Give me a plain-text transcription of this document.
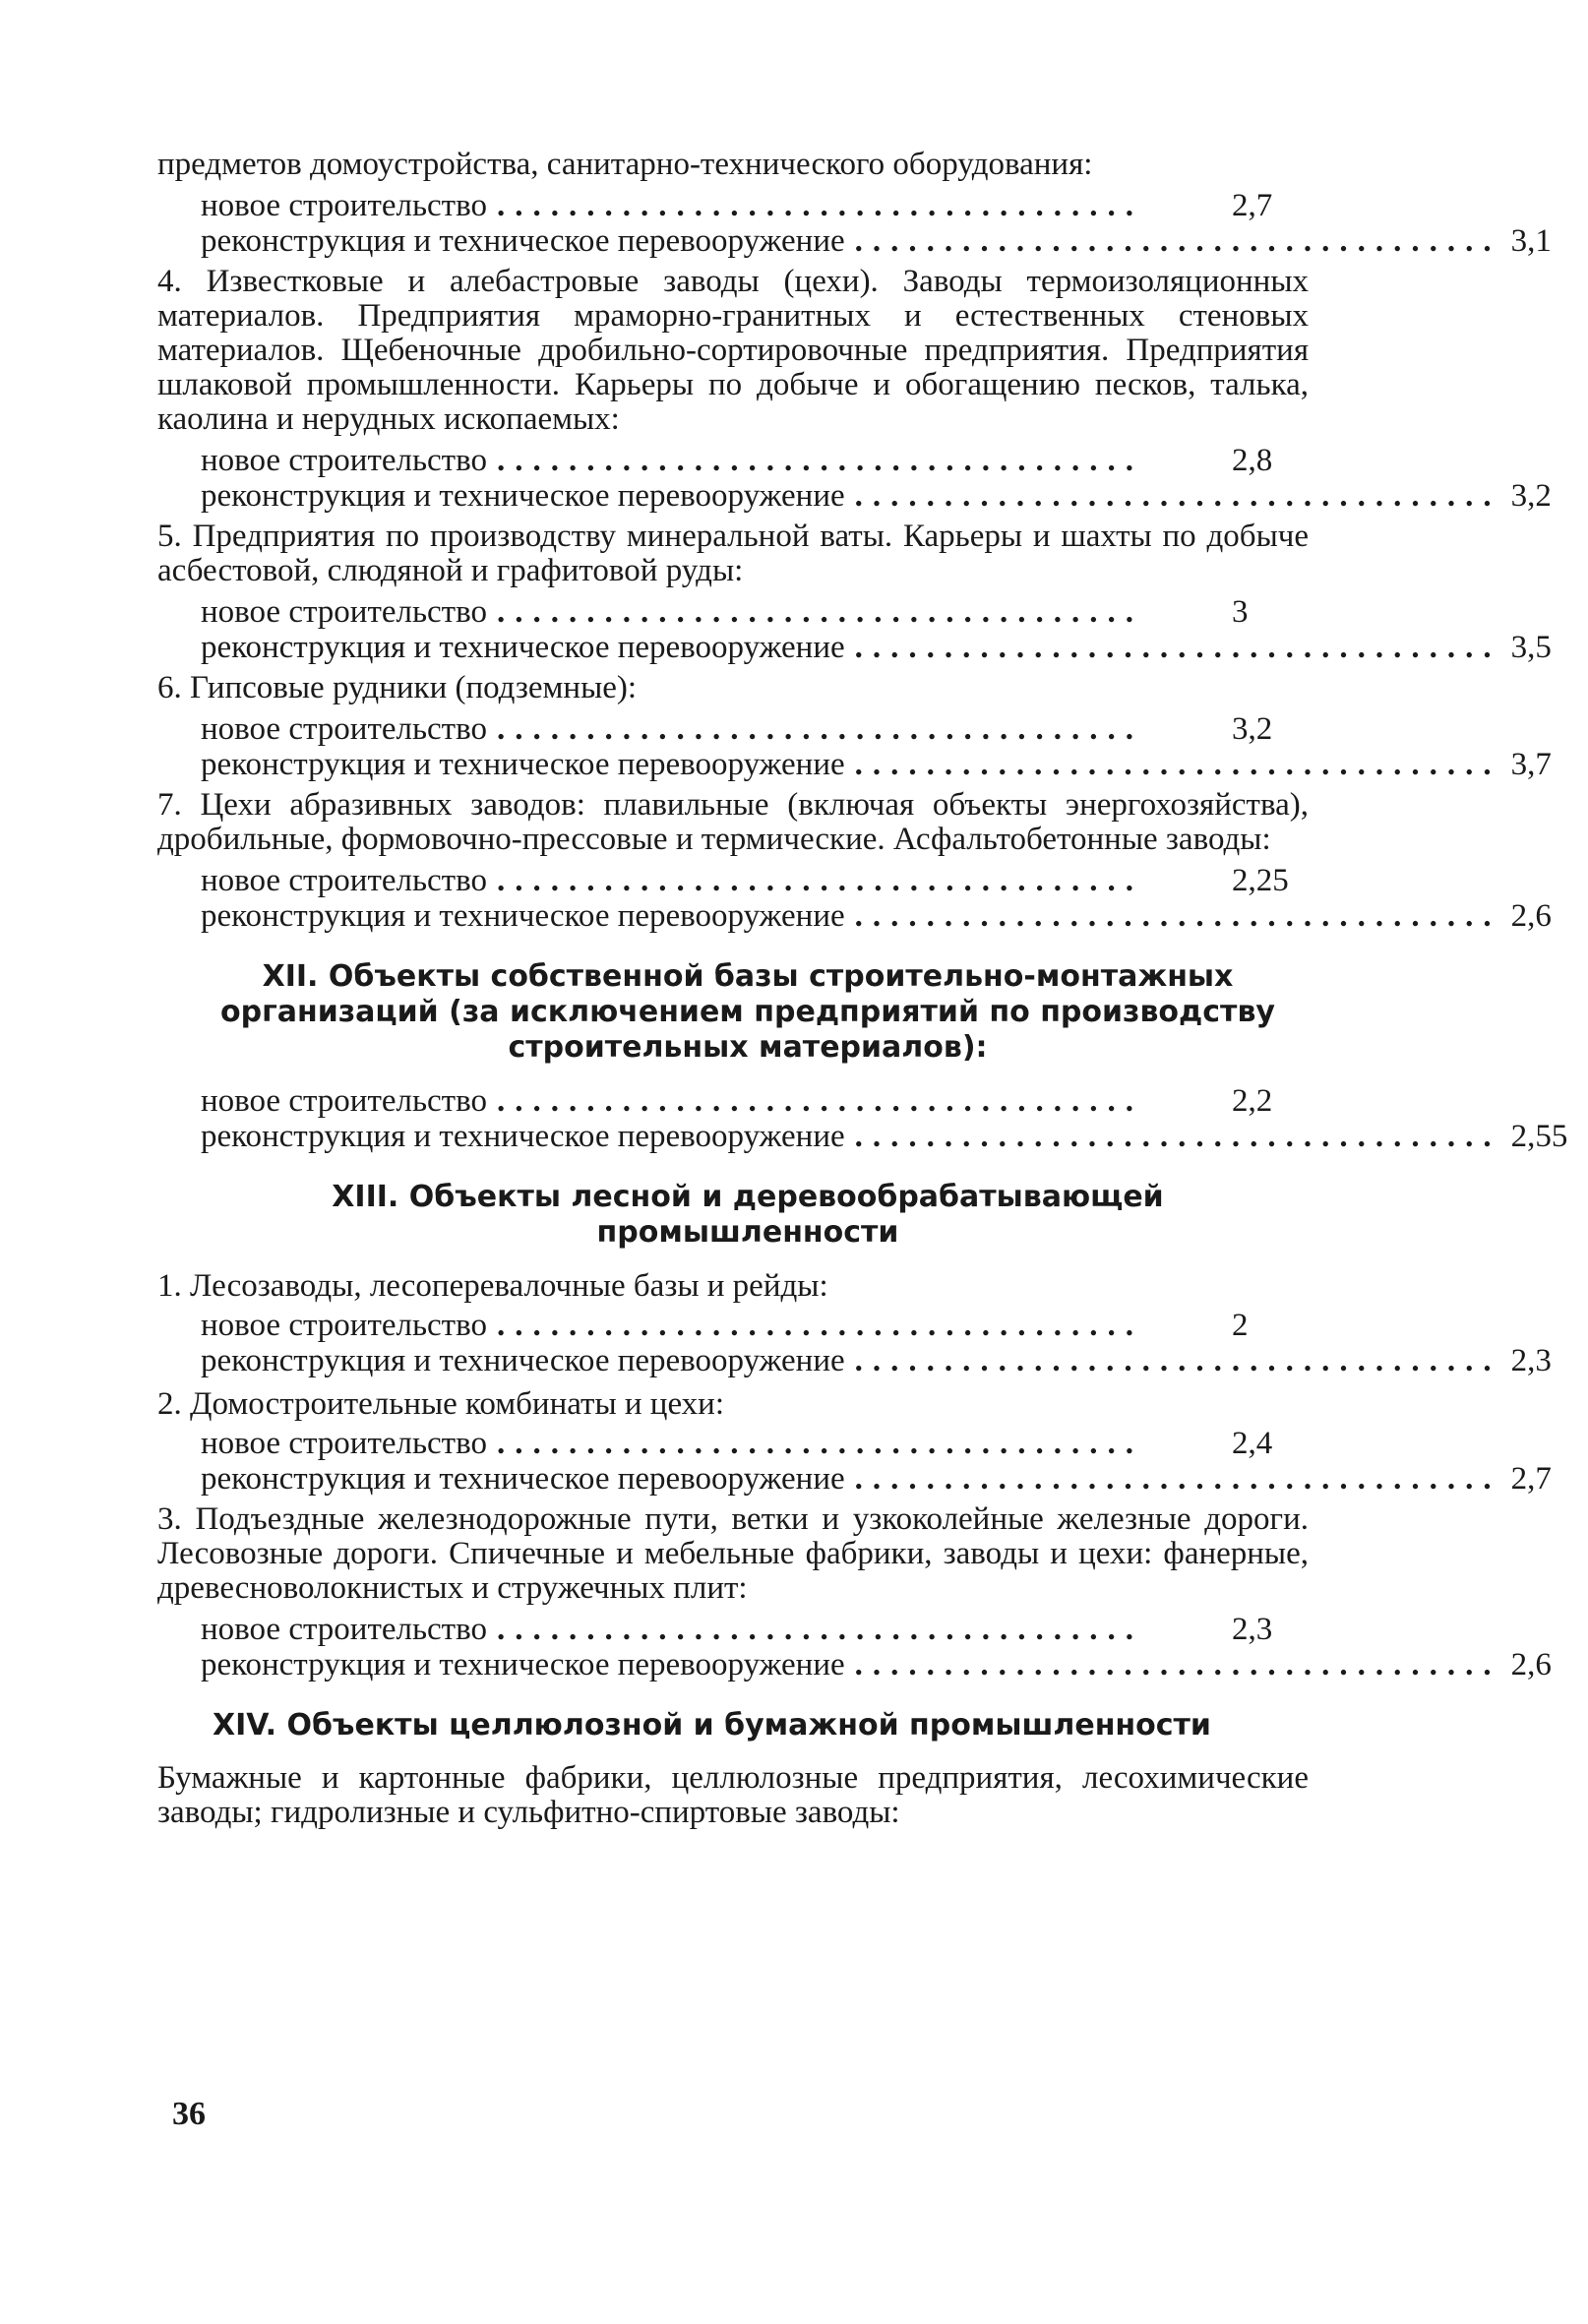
предметов домоустройства, санитарно-технического оборудования:

новое строительство ....................................	2,7
реконструкция и техническое перевооружение .................................... 3,1

4. Известковые и алебастровые заводы (цехи). Заводы термоизоляционных материалов. Предприятия мраморно-гранитных и естественных стеновых материалов. Щебеночные дробильно-сортировочные предприятия. Предприятия шлаковой промышленности. Карьеры по добыче и обогащению песков, талька, каолина и нерудных ископаемых:

новое строительство ....................................	2,8
реконструкция и техническое перевооружение .................................... 3,2

5. Предприятия по производству минеральной ваты. Карьеры и шахты по добыче асбестовой, слюдяной и графитовой руды:

новое строительство ....................................	3
реконструкция и техническое перевооружение .................................... 3,5

6. Гипсовые рудники (подземные):

новое строительство ....................................	3,2
реконструкция и техническое перевооружение .................................... 3,7

7. Цехи абразивных заводов: плавильные (включая объекты энергохозяйства), дробильные, формовочно-прессовые и термические. Асфальтобетонные заводы:

новое строительство ....................................	2,25
реконструкция и техническое перевооружение .................................... 2,6
XII. Объекты собственной базы строительно-монтажных организаций (за исключением предприятий по производству строительных материалов):
новое строительство ....................................	2,2
реконструкция и техническое перевооружение .................................... 2,55
XIII. Объекты лесной и деревообрабатывающей промышленности
1. Лесозаводы, лесоперевалочные базы и рейды:
новое строительство ....................................	2
реконструкция и техническое перевооружение .................................... 2,3
2. Домостроительные комбинаты и цехи:
новое строительство ....................................	2,4
реконструкция и техническое перевооружение .................................... 2,7

3. Подъездные железнодорожные пути, ветки и узкоколейные железные дороги. Лесовозные дороги. Спичечные и мебельные фабрики, заводы и цехи: фанерные, древесноволокнистых и стружечных плит:

новое строительство ....................................	2,3
реконструкция и техническое перевооружение .................................... 2,6
XIV. Объекты целлюлозной и бумажной промышленности

Бумажные и картонные фабрики, целлюлозные предприятия, лесохимические заводы; гидролизные и сульфитно-спиртовые заводы:

36
